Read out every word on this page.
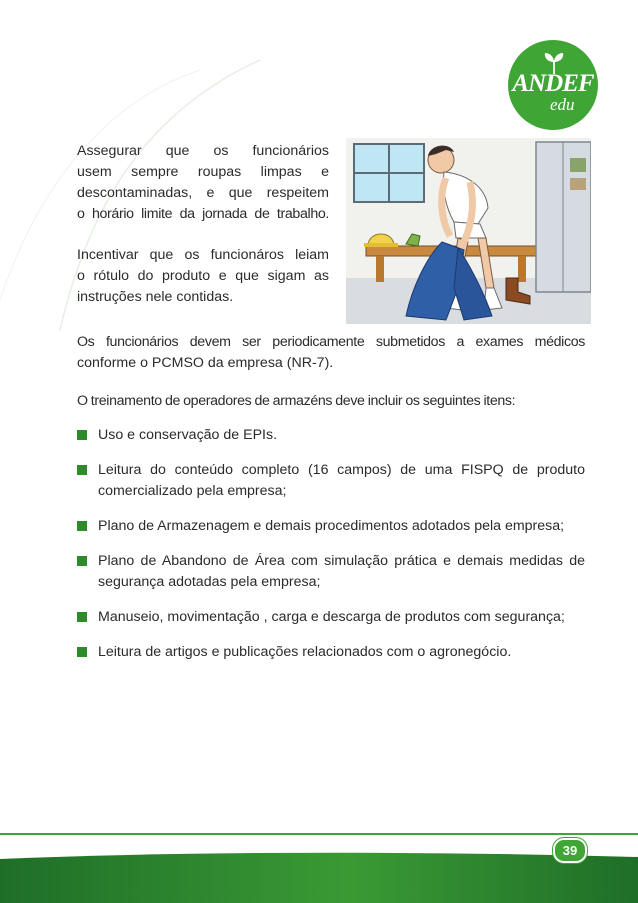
ANDEF
edu
Assegurar que os funcionários
usem sempre roupas limpas e
descontaminadas, e que respeitem
o horário limite da jornada de trabalho.
Incentivar que os funcionáros leiam
o rótulo do produto e que sigam as
instruções nele contidas.
Os funcionários devem ser periodicamente submetidos a exames médicos
conforme o PCMSO da empresa (NR-7).
O treinamento de operadores de armazéns deve incluir os seguintes itens:
Uso e conservação de EPIs.
Leitura do conteúdo completo (16 campos) de uma FISPQ de produto comercializado pela empresa;
Plano de Armazenagem e demais procedimentos adotados pela empresa;
Plano de Abandono de Área com simulação prática e demais medidas de segurança adotadas pela empresa;
Manuseio, movimentação , carga e descarga de produtos com segurança;
Leitura de artigos e publicações relacionados com o agronegócio.
39
